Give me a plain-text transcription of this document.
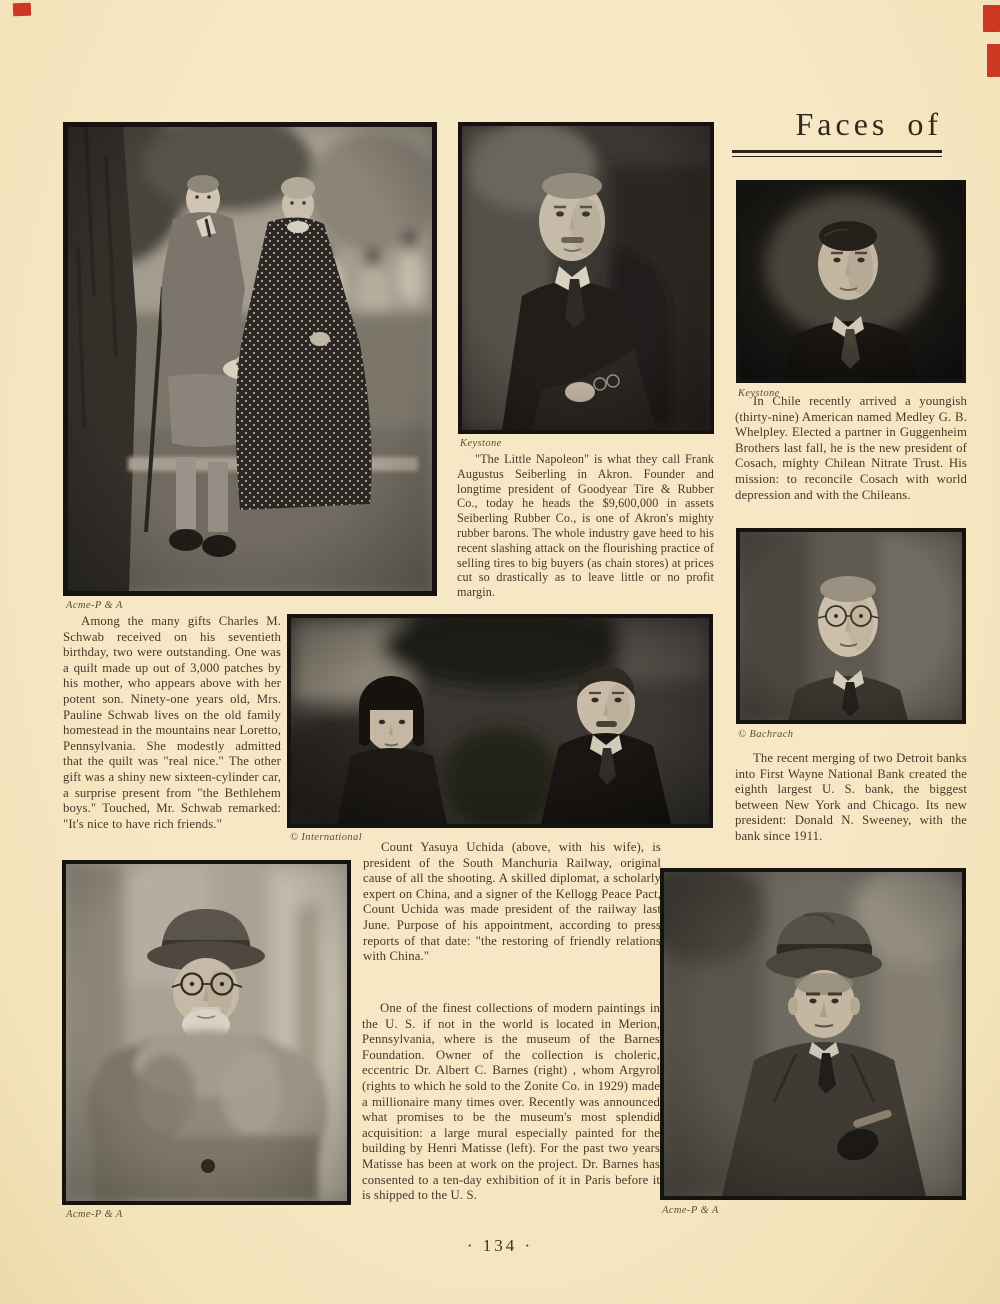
Faces of
Acme-P & A
Keystone
Keystone
© Bachrach
© International
Acme-P & A	Acme-P & A
Among the many gifts Charles M. Schwab received on his seventieth birthday, two were outstanding. One was a quilt made up out of 3,000 patches by his mother, who appears above with her potent son. Ninety-one years old, Mrs. Pauline Schwab lives on the old family homestead in the mountains near Loretto, Pennsylvania. She modestly admitted that the quilt was "real nice." The other gift was a shiny new sixteen-cylinder car, a surprise present from "the Bethlehem boys." Touched, Mr. Schwab remarked: "It's nice to have rich friends."
"The Little Napoleon" is what they call Frank Augustus Seiberling in Akron. Founder and longtime president of Goodyear Tire & Rubber Co., today he heads the $9,600,000 in assets Seiberling Rubber Co., is one of Akron's mighty rubber barons. The whole industry gave heed to his recent slashing attack on the flourishing practice of selling tires to big buyers (as chain stores) at prices cut so drastically as to leave little or no profit margin.
In Chile recently arrived a youngish (thirty-nine) American named Medley G. B. Whelpley. Elected a partner in Guggenheim Brothers last fall, he is the new president of Cosach, mighty Chilean Nitrate Trust. His mission: to reconcile Cosach with world depression and with the Chileans.
The recent merging of two Detroit banks into First Wayne National Bank created the eighth largest U. S. bank, the biggest between New York and Chicago. Its new president: Donald N. Sweeney, with the bank since 1911.
Count Yasuya Uchida (above, with his wife), is president of the South Manchuria Railway, original cause of all the shooting. A skilled diplomat, a scholarly expert on China, and a signer of the Kellogg Peace Pact, Count Uchida was made president of the railway last June. Purpose of his appointment, according to press reports of that date: "the restoring of friendly relations with China."
One of the finest collections of modern paintings in the U. S. if not in the world is located in Merion, Pennsylvania, where is the museum of the Barnes Foundation. Owner of the collection is choleric, eccentric Dr. Albert C. Barnes (right) , whom Argyrol (rights to which he sold to the Zonite Co. in 1929) made a millionaire many times over. Recently was announced what promises to be the museum's most splendid acquisition: a large mural especially painted for the building by Henri Matisse (left). For the past two years Matisse has been at work on the project. Dr. Barnes has consented to a ten-day exhibition of it in Paris before it is shipped to the U. S.
· 134 ·
